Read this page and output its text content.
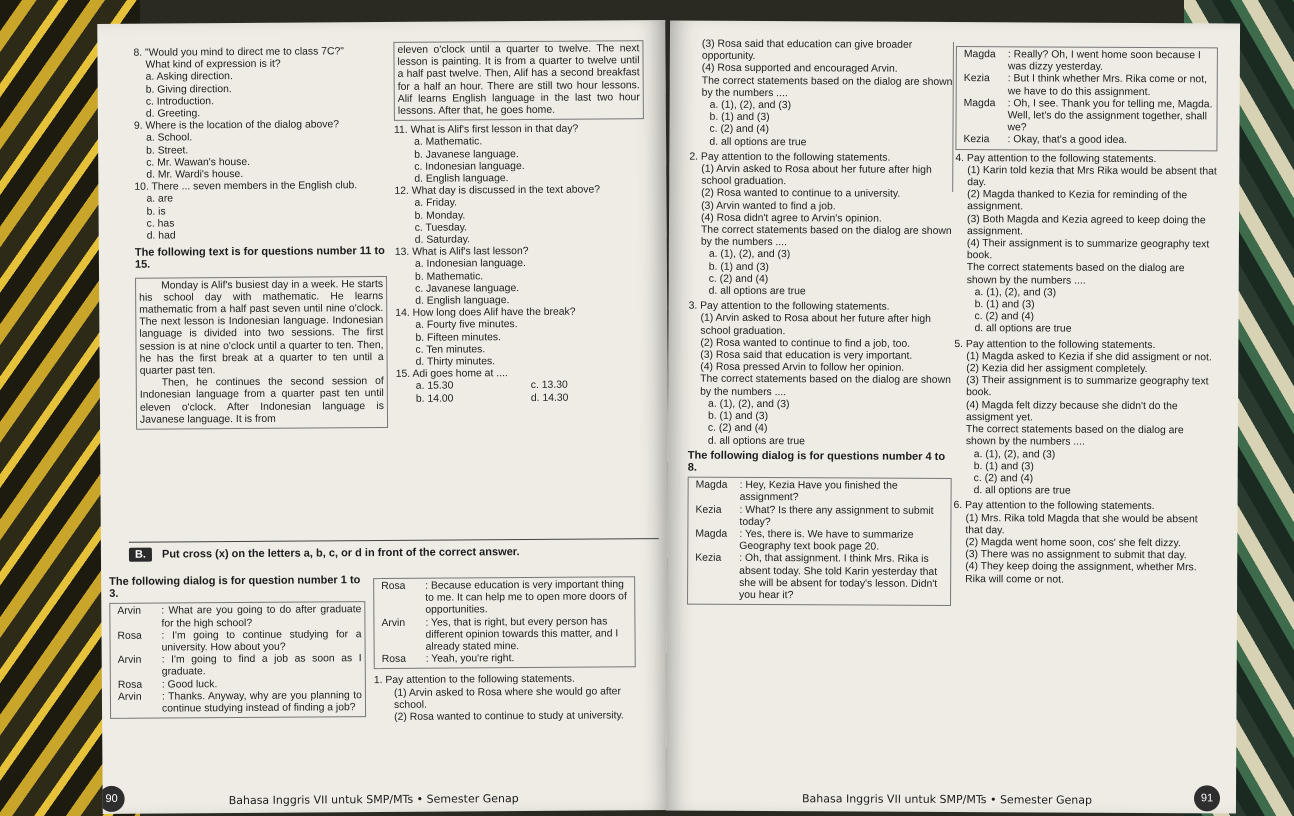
8. "Would you mind to direct me to class 7C?"

What kind of expression is it?

a. Asking direction.

b. Giving direction.

c. Introduction.

d. Greeting.

9. Where is the location of the dialog above?

a. School.

b. Street.

c. Mr. Wawan's house.

d. Mr. Wardi's house.

10. There ... seven members in the English club.

a. are

b. is

c. has

d. had

The following text is for questions number 11 to 15.

Monday is Alif's busiest day in a week. He starts his school day with mathematic. He learns mathematic from a half past seven until nine o'clock. The next lesson is Indonesian language. Indonesian language is divided into two sessions. The first session is at nine o'clock until a quarter to ten. Then, he has the first break at a quarter to ten until a quarter past ten.

Then, he continues the second session of Indonesian language from a quarter past ten until eleven o'clock. After Indonesian language is Javanese language. It is from

eleven o'clock until a quarter to twelve. The next lesson is painting. It is from a quarter to twelve until a half past twelve. Then, Alif has a second breakfast for a half an hour. There are still two hour lessons. Alif learns English language in the last two hour lessons. After that, he goes home.

11. What is Alif's first lesson in that day?

a. Mathematic.

b. Javanese language.

c. Indonesian language.

d. English language.

12. What day is discussed in the text above?

a. Friday.

b. Monday.

c. Tuesday.

d. Saturday.

13. What is Alif's last lesson?

a. Indonesian language.

b. Mathematic.

c. Javanese language.

d. English language.

14. How long does Alif have the break?

a. Fourty five minutes.

b. Fifteen minutes.

c. Ten minutes.

d. Thirty minutes.

15. Adi goes home at ....

a. 15.30	c. 13.30

b. 14.00	d. 14.30

B. Put cross (x) on the letters a, b, c, or d in front of the correct answer.

The following dialog is for question number 1 to 3.

Arvin	: What are you going to do after graduate for the high school?
Rosa	: I'm going to continue studying for a university. How about you?
Arvin	: I'm going to find a job as soon as I graduate.
Rosa	: Good luck.
Arvin	: Thanks. Anyway, why are you planning to continue studying instead of finding a job?
Rosa	: Because education is very important thing to me. It can help me to open more doors of opportunities.
Arvin	: Yes, that is right, but every person has different opinion towards this matter, and I already stated mine.
Rosa	: Yeah, you're right.

1. Pay attention to the following statements.

(1) Arvin asked to Rosa where she would go after school.

(2) Rosa wanted to continue to study at university.

90	Bahasa Inggris VII untuk SMP/MTs • Semester Genap

(3) Rosa said that education can give broader opportunity.

(4) Rosa supported and encouraged Arvin.

The correct statements based on the dialog are shown by the numbers ....

a. (1), (2), and (3)

b. (1) and (3)

c. (2) and (4)

d. all options are true

2. Pay attention to the following statements.

(1) Arvin asked to Rosa about her future after high school graduation.

(2) Rosa wanted to continue to a university.

(3) Arvin wanted to find a job.

(4) Rosa didn't agree to Arvin's opinion.

The correct statements based on the dialog are shown by the numbers ....

a. (1), (2), and (3)

b. (1) and (3)

c. (2) and (4)

d. all options are true

3. Pay attention to the following statements.

(1) Arvin asked to Rosa about her future after high school graduation.

(2) Rosa wanted to continue to find a job, too.

(3) Rosa said that education is very important.

(4) Rosa pressed Arvin to follow her opinion.

The correct statements based on the dialog are shown by the numbers ....

a. (1), (2), and (3)

b. (1) and (3)

c. (2) and (4)

d. all options are true

The following dialog is for questions number 4 to 8.

Magda	: Hey, Kezia Have you finished the assignment?
Kezia	: What? Is there any assignment to submit today?
Magda	: Yes, there is. We have to summarize Geography text book page 20.
Kezia	: Oh, that assignment. I think Mrs. Rika is absent today. She told Karin yesterday that she will be absent for today's lesson. Didn't you hear it?
Magda	: Really? Oh, I went home soon because I was dizzy yesterday.
Kezia	: But I think whether Mrs. Rika come or not, we have to do this assignment.
Magda	: Oh, I see. Thank you for telling me, Magda. Well, let's do the assignment together, shall we?
Kezia	: Okay, that's a good idea.

4. Pay attention to the following statements.

(1) Karin told kezia that Mrs Rika would be absent that day.

(2) Magda thanked to Kezia for reminding of the assignment.

(3) Both Magda and Kezia agreed to keep doing the assignment.

(4) Their assignment is to summarize geography text book.

The correct statements based on the dialog are shown by the numbers ....

a. (1), (2), and (3)

b. (1) and (3)

c. (2) and (4)

d. all options are true

5. Pay attention to the following statements.

(1) Magda asked to Kezia if she did assigment or not.

(2) Kezia did her assigment completely.

(3) Their assignment is to summarize geography text book.

(4) Magda felt dizzy because she didn't do the assigment yet.

The correct statements based on the dialog are shown by the numbers ....

a. (1), (2), and (3)

b. (1) and (3)

c. (2) and (4)

d. all options are true

6. Pay attention to the following statements.

(1) Mrs. Rika told Magda that she would be absent that day.

(2) Magda went home soon, cos' she felt dizzy.

(3) There was no assignment to submit that day.

(4) They keep doing the assignment, whether Mrs. Rika will come or not.

Bahasa Inggris VII untuk SMP/MTs • Semester Genap	91
